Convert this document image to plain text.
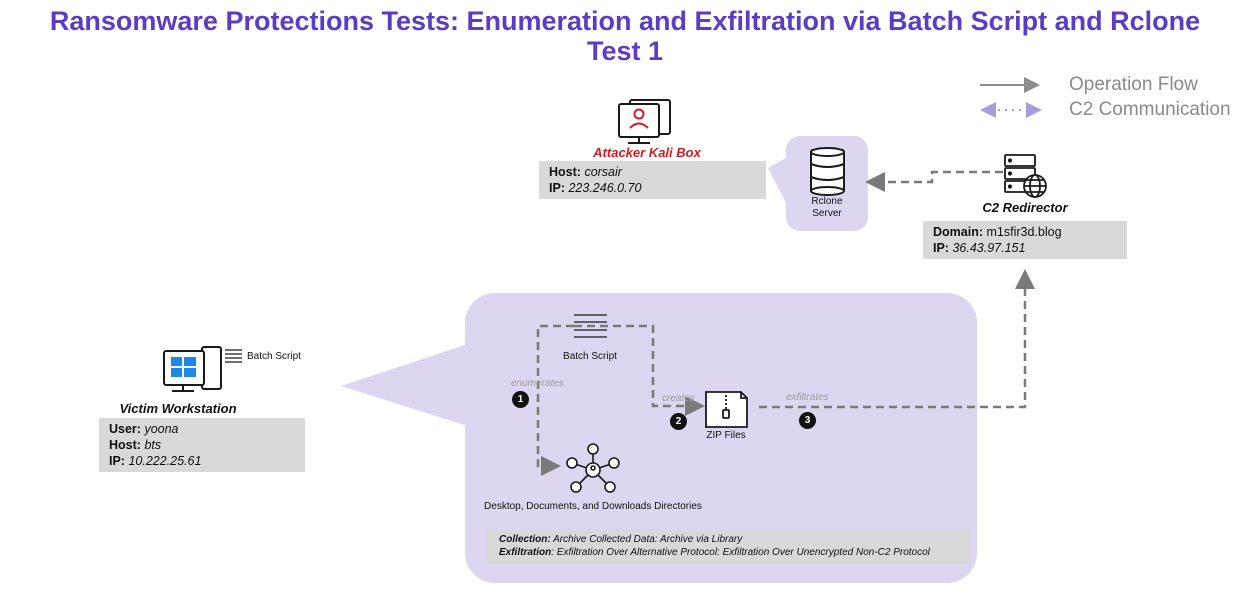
Ransomware Protections Tests: Enumeration and Exfiltration via Batch Script and Rclone
Test 1
Operation Flow
C2 Communication
Attacker Kali Box
Host: corsair
IP: 223.246.0.70
Rclone
Server	C2 Redirector
Domain: m1sfir3d.blog
IP: 36.43.97.151
Batch Script
Victim Workstation
User: yoona
Host: bts
IP: 10.222.25.61
Batch Script
enumerates
creates	exfiltrates
ZIP Files
Desktop, Documents, and Downloads Directories
1
2	3
Collection: Archive Collected Data: Archive via Library
Exfiltration: Exfiltration Over Alternative Protocol: Exfiltration Over Unencrypted Non-C2 Protocol
